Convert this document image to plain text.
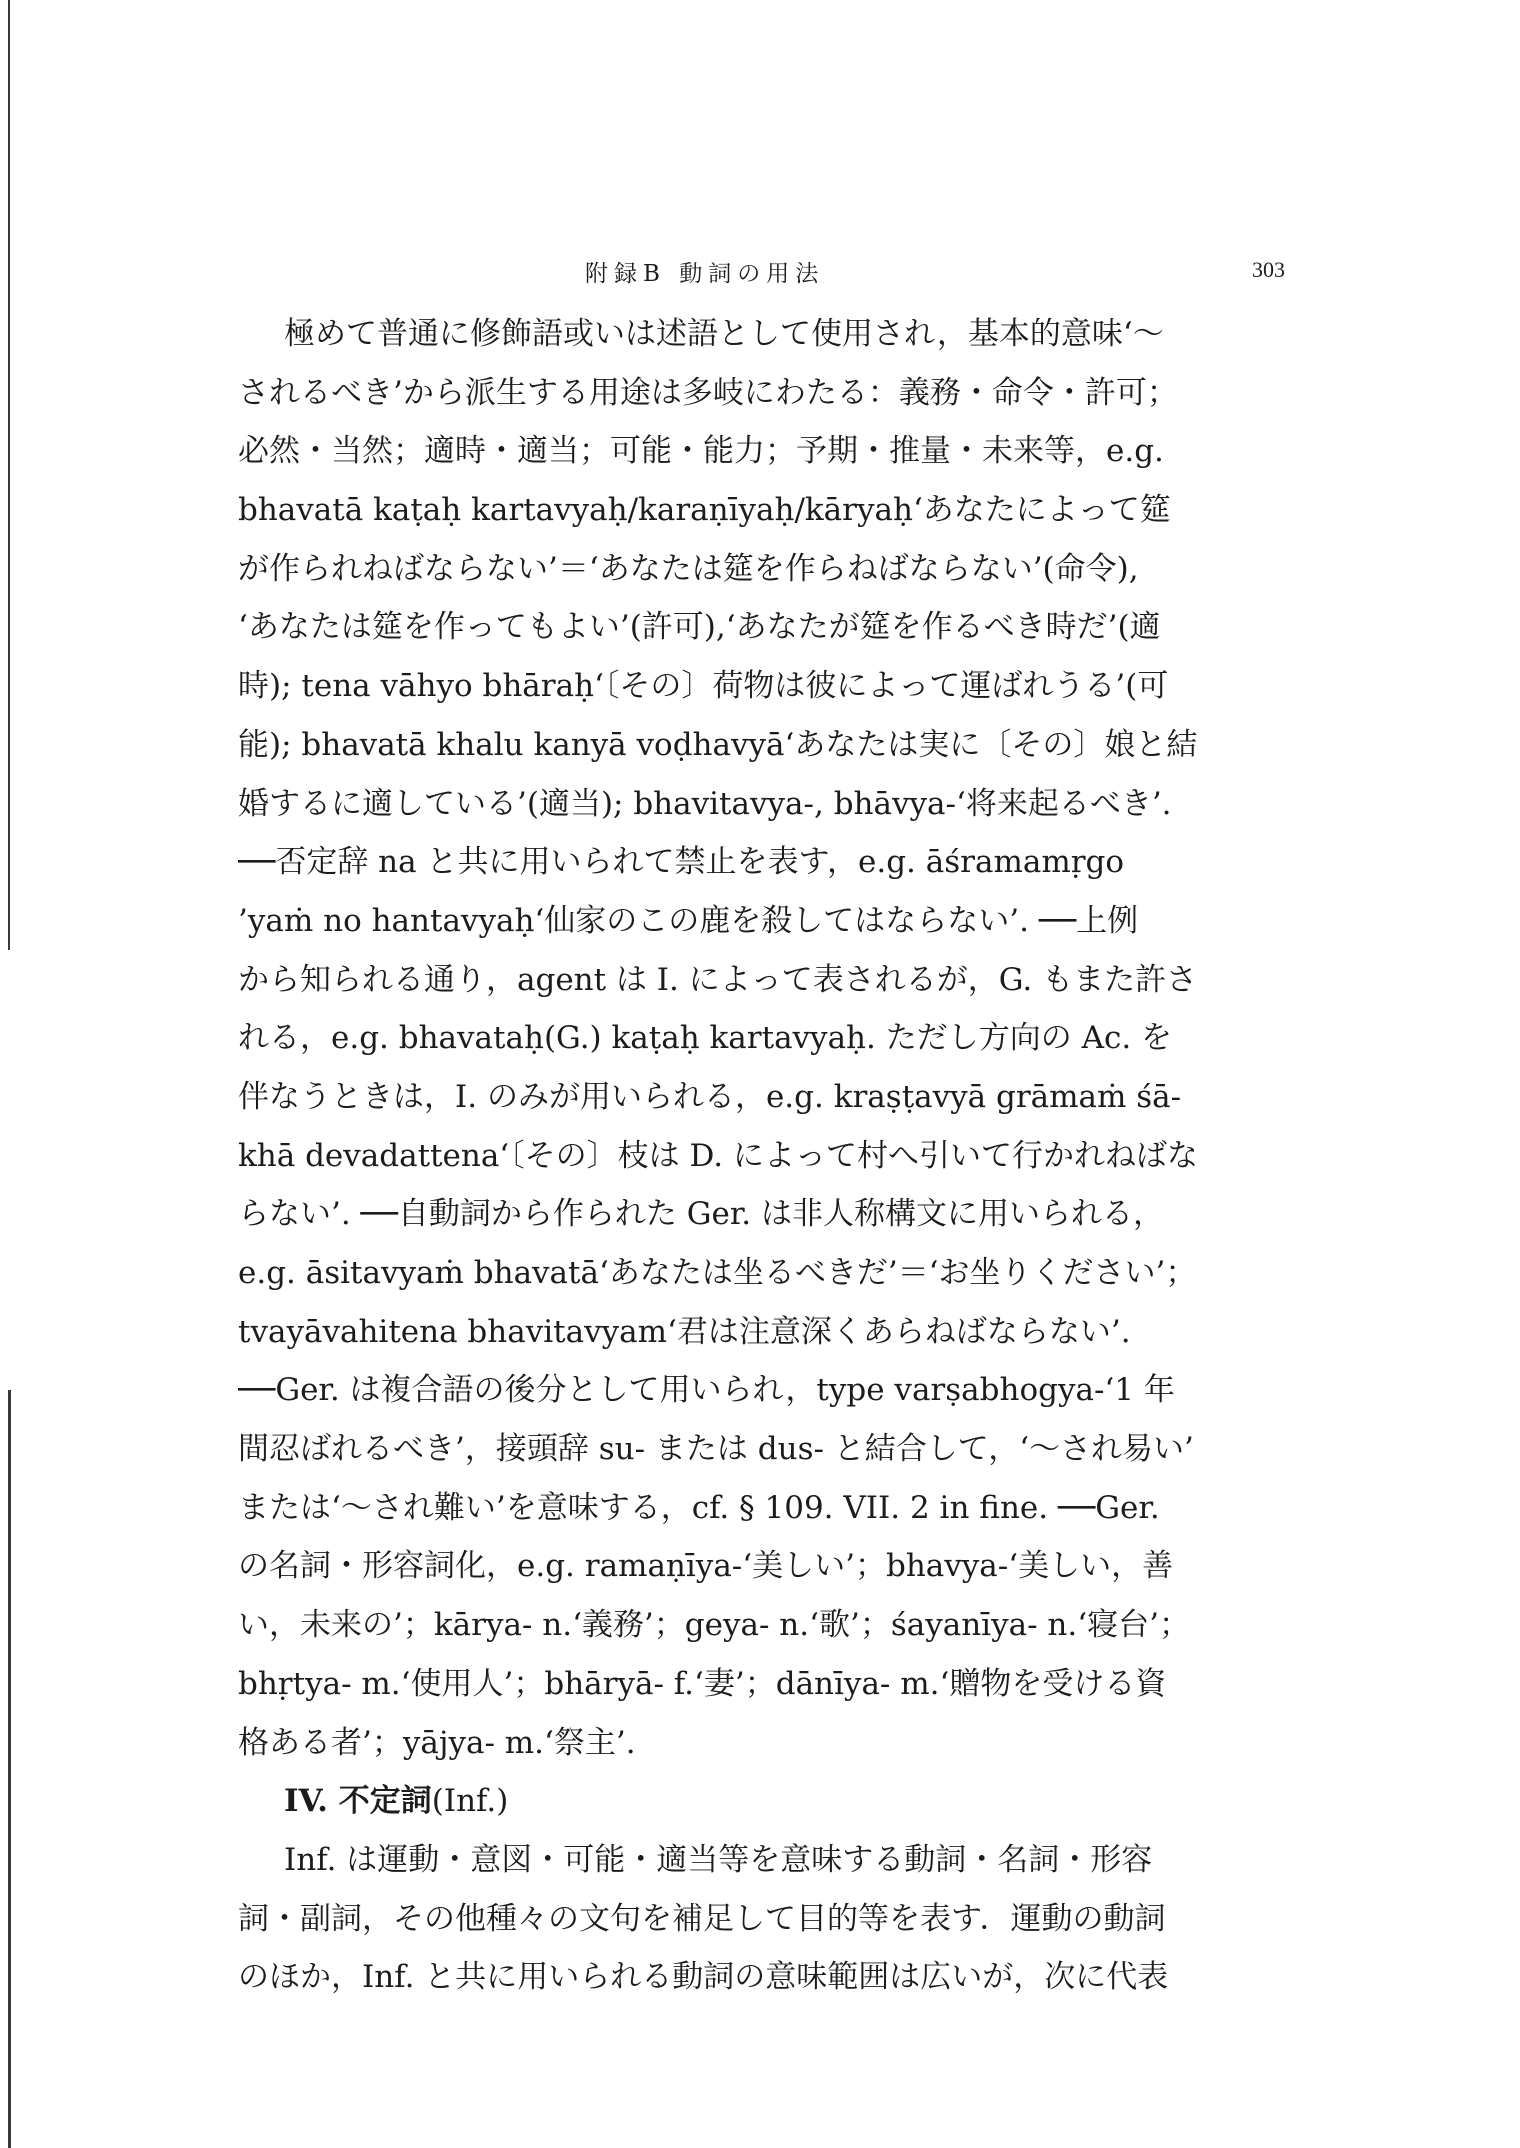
附録B 動詞の用法	303
極めて普通に修飾語或いは述語として使用され，基本的意味‘～
されるべき’から派生する用途は多岐にわたる：義務・命令・許可；
必然・当然；適時・適当；可能・能力；予期・推量・未来等，e.g.
bhavatā kaṭaḥ kartavyaḥ/karaṇīyaḥ/kāryaḥ‘あなたによって筵
が作られねばならない’＝‘あなたは筵を作らねばならない’(命令),
‘あなたは筵を作ってもよい’(許可),‘あなたが筵を作るべき時だ’(適
時); tena vāhyo bhāraḥ‘〔その〕荷物は彼によって運ばれうる’(可
能); bhavatā khalu kanyā voḍhavyā‘あなたは実に〔その〕娘と結
婚するに適している’(適当); bhavitavya-, bhāvya-‘将来起るべき’.
──否定辞 na と共に用いられて禁止を表す，e.g. āśramamṛgo
’yaṁ no hantavyaḥ‘仙家のこの鹿を殺してはならない’. ──上例
から知られる通り，agent は I. によって表されるが，G. もまた許さ
れる，e.g. bhavataḥ(G.) kaṭaḥ kartavyaḥ. ただし方向の Ac. を
伴なうときは，I. のみが用いられる，e.g. kraṣṭavyā grāmaṁ śā-
khā devadattena‘〔その〕枝は D. によって村へ引いて行かれねばな
らない’. ──自動詞から作られた Ger. は非人称構文に用いられる，
e.g. āsitavyaṁ bhavatā‘あなたは坐るべきだ’＝‘お坐りください’；
tvayāvahitena bhavitavyam‘君は注意深くあらねばならない’.
──Ger. は複合語の後分として用いられ，type varṣabhogya-‘1 年
間忍ばれるべき’，接頭辞 su- または dus- と結合して，‘～され易い’
または‘～され難い’を意味する，cf. § 109. VII. 2 in fine. ──Ger.
の名詞・形容詞化，e.g. ramaṇīya-‘美しい’；bhavya-‘美しい，善
い，未来の’；kārya- n.‘義務’；geya- n.‘歌’；śayanīya- n.‘寝台’；
bhṛtya- m.‘使用人’；bhāryā- f.‘妻’；dānīya- m.‘贈物を受ける資
格ある者’；yājya- m.‘祭主’.
IV. 不定詞(Inf.)
Inf. は運動・意図・可能・適当等を意味する動詞・名詞・形容
詞・副詞，その他種々の文句を補足して目的等を表す．運動の動詞
のほか，Inf. と共に用いられる動詞の意味範囲は広いが，次に代表
